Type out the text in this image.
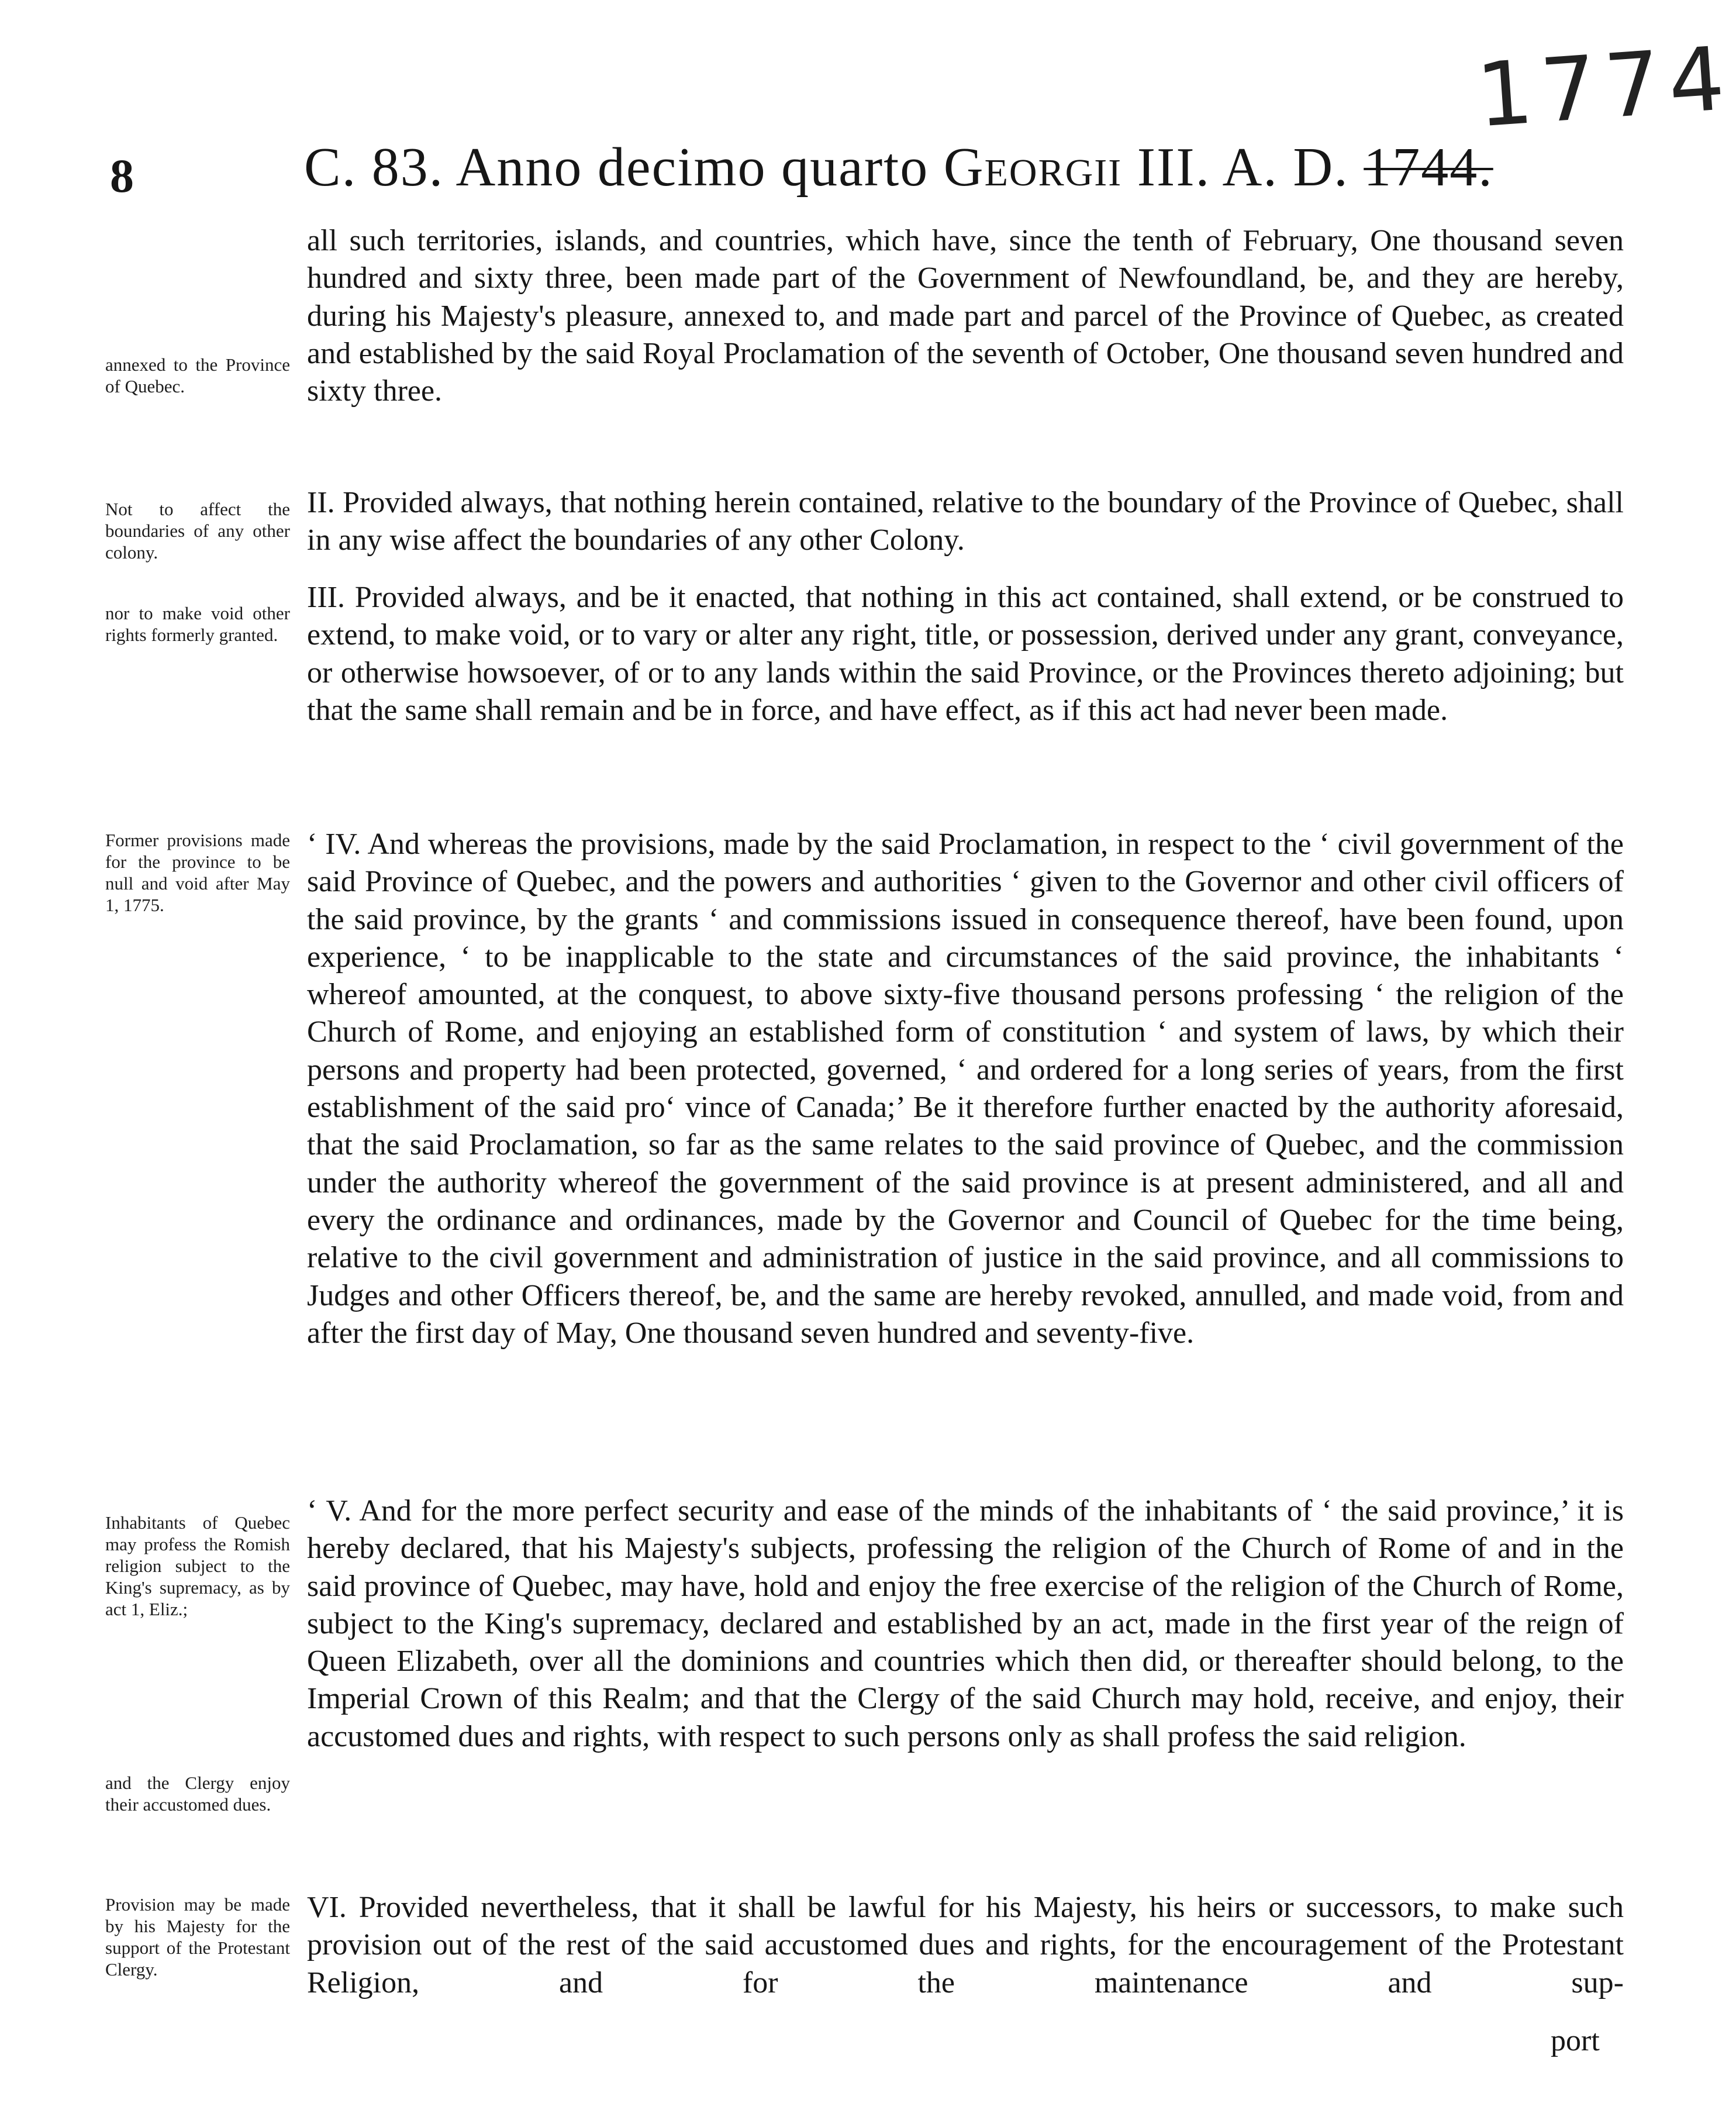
1774
8	C. 83. Anno decimo quarto Georgii III. A. D. 1744.
all such territories, islands, and countries, which have, since the tenth of February, One thousand seven hundred and sixty three, been made part of the Government of Newfoundland, be, and they are hereby, during his Majesty's pleasure, annexed to, and made part and parcel of the Province of Quebec, as created and established by the said Royal Proclamation of the seventh of October, One thousand seven hundred and sixty three.
II. Provided always, that nothing herein contained, relative to the boundary of the Province of Quebec, shall in any wise affect the boundaries of any other Colony.
III. Provided always, and be it enacted, that nothing in this act contained, shall extend, or be construed to extend, to make void, or to vary or alter any right, title, or possession, derived under any grant, conveyance, or otherwise howsoever, of or to any lands within the said Province, or the Provinces thereto adjoining; but that the same shall remain and be in force, and have effect, as if this act had never been made.
‘ IV. And whereas the provisions, made by the said Proclamation, in respect to the ‘ civil government of the said Province of Quebec, and the powers and authorities ‘ given to the Governor and other civil officers of the said province, by the grants ‘ and commissions issued in consequence thereof, have been found, upon experience, ‘ to be inapplicable to the state and circumstances of the said province, the inhabitants ‘ whereof amounted, at the conquest, to above sixty-five thousand persons professing ‘ the religion of the Church of Rome, and enjoying an established form of constitution ‘ and system of laws, by which their persons and property had been protected, governed, ‘ and ordered for a long series of years, from the first establishment of the said pro‘ vince of Canada;’ Be it therefore further enacted by the authority aforesaid, that the said Proclamation, so far as the same relates to the said province of Quebec, and the commission under the authority whereof the government of the said province is at present administered, and all and every the ordinance and ordinances, made by the Governor and Council of Quebec for the time being, relative to the civil government and administration of justice in the said province, and all commissions to Judges and other Officers thereof, be, and the same are hereby revoked, annulled, and made void, from and after the first day of May, One thousand seven hundred and seventy-five.
‘ V. And for the more perfect security and ease of the minds of the inhabitants of ‘ the said province,’ it is hereby declared, that his Majesty's subjects, professing the religion of the Church of Rome of and in the said province of Quebec, may have, hold and enjoy the free exercise of the religion of the Church of Rome, subject to the King's supremacy, declared and established by an act, made in the first year of the reign of Queen Elizabeth, over all the dominions and countries which then did, or thereafter should belong, to the Imperial Crown of this Realm; and that the Clergy of the said Church may hold, receive, and enjoy, their accustomed dues and rights, with respect to such persons only as shall profess the said religion.
VI. Provided nevertheless, that it shall be lawful for his Majesty, his heirs or successors, to make such provision out of the rest of the said accustomed dues and rights, for the encouragement of the Protestant Religion, and for the maintenance and sup-
annexed to the Province of Quebec.
Not to affect the boundaries of any other colony.
nor to make void other rights formerly granted.
Former provisions made for the province to be null and void after May 1, 1775.
Inhabitants of Quebec may profess the Romish religion subject to the King's supremacy, as by act 1, Eliz.;
and the Clergy enjoy their accustomed dues.
Provision may be made by his Majesty for the support of the Protestant Clergy.
port
